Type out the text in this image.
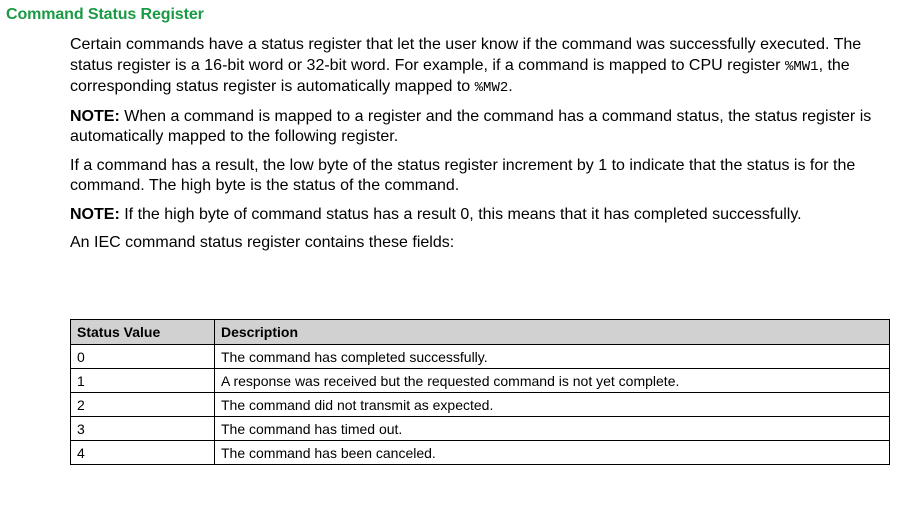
Command Status Register

Certain commands have a status register that let the user know if the command was successfully executed. The status register is a 16-bit word or 32-bit word. For example, if a command is mapped to CPU register %MW1, the corresponding status register is automatically mapped to %MW2.

NOTE: When a command is mapped to a register and the command has a command status, the status register is automatically mapped to the following register.

If a command has a result, the low byte of the status register increment by 1 to indicate that the status is for the command. The high byte is the status of the command.

NOTE: If the high byte of command status has a result 0, this means that it has completed successfully.

An IEC command status register contains these fields:

Status Value	Description
0	The command has completed successfully.
1	A response was received but the requested command is not yet complete.
2	The command did not transmit as expected.
3	The command has timed out.
4	The command has been canceled.
